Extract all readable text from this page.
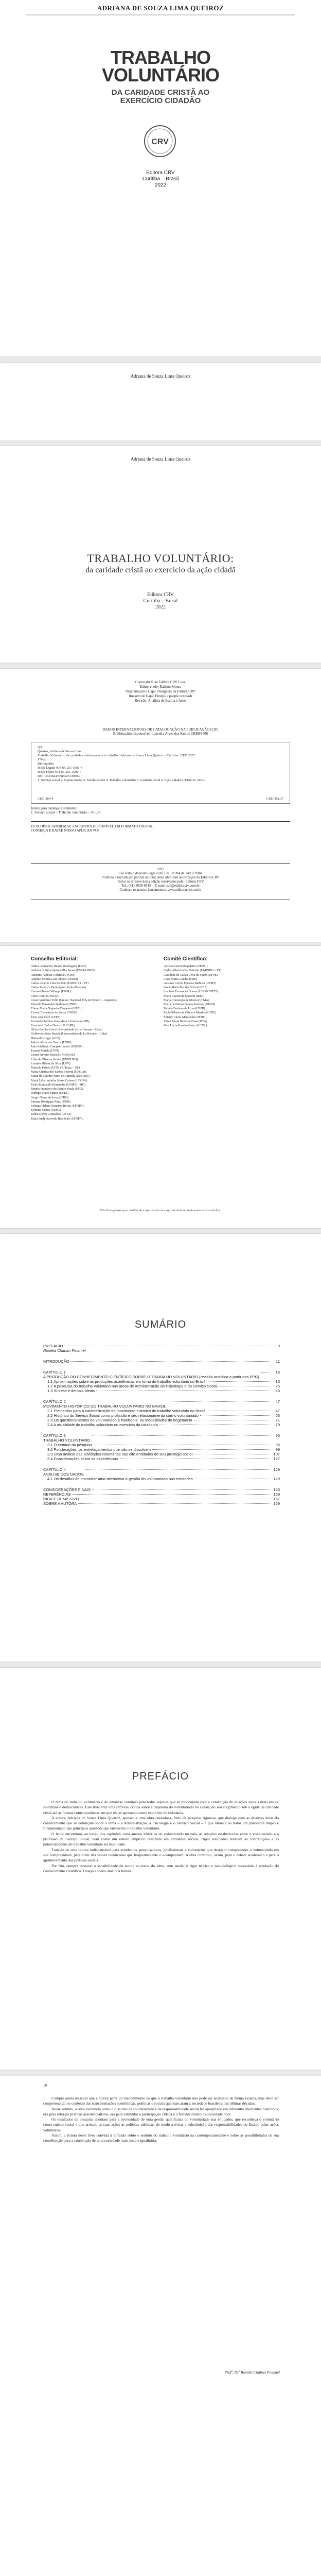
ADRIANA DE SOUZA LIMA QUEIROZ
TRABALHO
VOLUNTÁRIO
DA CARIDADE CRISTÃ AO
EXERCÍCIO CIDADÃO
CRV
Editora CRV
Curitiba – Brasil
2022
Adriana de Souza Lima Queiroz
Adriana de Souza Lima Queiroz
TRABALHO VOLUNTÁRIO:
da caridade cristã ao exercício da ação cidadã
Editora CRV
Curitiba – Brasil
2022
Copyright © da Editora CRV Ltda.
Editor-chefe: Railson Moura
Diagramação e Capa: Designers da Editora CRV
Imagem de Capa: Freepik / people unsplash
Revisão: Analista de Escrita e Artes
DADOS INTERNACIONAIS DE CATALOGAÇÃO NA PUBLICAÇÃO (CIP)
Bibliotecária responsável: Luzenira Alves dos Santos CRB9/1506
Q3t
Queiroz, Adriana de Souza Lima.
Trabalho Voluntário: da caridade cristã ao exercício cidadão / Adriana de Souza Lima Queiroz – Curitiba : CRV, 2022.
170 p.
Bibliografia
ISBN Digital 978-65-251-3091-4
ISBN Físico 978-65-251-3090-7
DOI 10.24824/978652513090.7
1. Serviço social 2. Sujeito Social 3. Solidariedade 4. Trabalho voluntário 5. Caridade cristã 6. Ação cidadã I. Título II. Série.
CDU 364-4	CDD 361.37
Índice para catálogo sistemático
1. Serviço social – Trabalho voluntário – 361.37
ESTA OBRA TAMBÉM SE ENCONTRA DISPONÍVEL EM FORMATO DIGITAL.
CONHEÇA E BAIXE NOSSO APLICATIVO!
2022
Foi feito o depósito legal conf. Lei 10.994 de 14/12/2004
Proibida a reprodução parcial ou total desta obra sem autorização da Editora CRV
Todos os direitos desta edição reservados pela: Editora CRV
Tel.: (41) 3039-6418 – E-mail: sac@editoracrv.com.br
Conheça os nossos lançamentos: www.editoracrv.com.br
Conselho Editorial:
Aldira Guimarães Duarte Domínguez (UNB)
Andréia da Silva Quintanilha Sousa (UNIR/UFRN)
Anselmo Alencar Colares (UFOPA)
Antônio Pereira Gaio Júnior (UFRRJ)
Carlos Alberto Vilar Estêvão (UMINHO – PT)
Carlos Federico Dominguez Avila (Unieuro)
Carmen Tereza Velanga (UNIR)
Celso Conti (UFSCar)
Cesar Gerônimo Tello (Univer. Nacional Três de Febrero – Argentina)
Eduardo Fernandes Barbosa (UFMG)
Elione Maria Nogueira Diogenes (UFAL)
Elizeu Clementino de Souza (UNEB)
Élsio José Corá (UFFS)
Fernando Antônio Gonçalves Alcoforado (IPB)
Francisco Carlos Duarte (PUC-PR)
Gloria Fariñas León (Universidade de La Havana – Cuba)
Guillermo Arias Beatón (Universidade de La Havana – Cuba)
Helmuth Krüger (UCP)
Jailson Alves dos Santos (UFRJ)
João Adalberto Campato Junior (UNESP)
Josania Portela (UFPI)
Leonel Severo Rocha (UNISINOS)
Lídia de Oliveira Xavier (UNIEURO)
Lourdes Helena da Silva (UFV)
Marcelo Paixão (UFRJ e UTexas – US)
Maria Cristina dos Santos Bezerra (UFSCar)
Maria de Lourdes Pinto de Almeida (UNOESC)
Maria Lília Imbiriba Sousa Colares (UFOPA)
Paulo Romualdo Hernandes (UNIFAL-MG)
Renato Francisco dos Santos Paula (UFG)
Rodrigo Pratte-Santos (UFES)
Sérgio Nunes de Jesus (IFRO)
Simone Rodrigues Pinto (UNB)
Solange Helena Ximenes-Rocha (UFOPA)
Sydione Santos (UEPG)
Tadeu Oliver Gonçalves (UFPA)
Tania Suely Azevedo Brasileiro (UFOPA)
Comitê Científico:
Adriana Guzzi Magalhães (UFMG)
Carlos Alberto Vilar Estêvão (UMINHO – PT)
Cassilene de Cássia Lívia de Souza (UFPE)
Clara Maria Guedes (CBS)
Gustavo Corrêa Fonseca Barbosa (UFMT)
Ivone Maria Mendes Silva (UECE)
Lucilene Fernandes Gomes (UNIMONTES)
Maria Aparecida Scatolin (IESF)
Maria Conceição de Moura (UFMA)
Maria de Fátima Gomes Pedrosa (UFRN)
Pâmela Barbosa de Lima (UFPB)
Paulo Ribeiro de Oliveira Martins (UFPE)
Thierry Cíntra Marcondes (IFMG)
Vânia Maria Barbosa Viana (IFPA)
Vera Lúcia Ferreira Castro (UFPA)
Este livro passou por avaliação e aprovação às cegas de dois ou mais pareceristas ad hoc.
SUMÁRIO
PREFÁCIO	9
Rosélia Chaban Pinamel
INTRODUÇÃO	11
CAPÍTULO 1
A PRODUÇÃO DO CONHECIMENTO CIENTÍFICO SOBRE O TRABALHO VOLUNTÁRIO (revisão analítica a partir dos PPG)
15
1.1 Aproximações sobre as produções acadêmicas em torno do trabalho voluntário no Brasil	15
1.2 A pesquisa do trabalho voluntário nas áreas de Administração da Psicologia e do Serviço Social	25
1.3 Síntese e demais ideias	43
CAPÍTULO 2
MOVIMENTO HISTÓRICO DO TRABALHO VOLUNTÁRIO NO BRASIL
47
2.1 Elementos para a caracterização do movimento histórico do trabalho voluntário no Brasil	47
2.2 Histórico do Serviço Social como profissão e seu relacionamento com o voluntariado	63
2.3 Os questionamentos do voluntariado à filantropia: as modalidades de hegemonia	71
2.4 A atualidade do trabalho voluntário no exercício da cidadania	79
CAPÍTULO 3
TRABALHO VOLUNTÁRIO
95
3.1 O cenário da pesquisa	95
3.2 Ponderações: os entrelaçamentos que não se dissolvem	99
3.3 Uma análise das atividades voluntárias nas oito entidades do seu prestígio social	107
3.4 Considerações sobre as experiências	127
CAPÍTULO 4
ANÁLISE DOS DADOS
129
4.1 Os desafios de encontrar uma alternativa à gestão do voluntariado nas entidades	129
CONSIDERAÇÕES FINAIS	153
REFERÊNCIAS	159
ÍNDICE REMISSIVO	167
SOBRE A AUTORA	169
PREFÁCIO

O tema do trabalho voluntário é de interesse contínuo para todos aqueles que se preocupam com a construção de relações sociais mais justas, solidárias e democráticas. Este livro traz uma reflexão crítica sobre a trajetória do voluntariado no Brasil, do seu surgimento sob a égide da caridade cristã até as formas contemporâneas em que ele se apresenta como exercício de cidadania.

A autora, Adriana de Souza Lima Queiroz, apresenta uma obra cuidadosa, fruto de pesquisa rigorosa, que dialoga com as diversas áreas do conhecimento que se debruçam sobre o tema – a Administração, a Psicologia e o Serviço Social – e que oferece ao leitor um panorama amplo e fundamentado das principais questões que envolvem o trabalho voluntário.

O leitor encontrará, ao longo dos capítulos, uma análise histórica do voluntariado no país, as relações estabelecidas entre o voluntariado e a profissão de Serviço Social, bem como um estudo empírico realizado em entidades sociais, cujos resultados revelam as contradições e as potencialidades do trabalho voluntário na atualidade.

Trata-se de uma leitura indispensável para estudantes, pesquisadores, profissionais e voluntários que desejam compreender o voluntariado em sua complexidade, para além das visões idealizadas que frequentemente o acompanham. A obra contribui, assim, para o debate acadêmico e para o aprimoramento das práticas sociais.

Por fim, cumpre destacar a sensibilidade da autora ao tratar do tema, sem perder o rigor teórico e metodológico necessário à produção do conhecimento científico. Desejo a todos uma boa leitura.

10

Cumpre ainda ressaltar que a autora parte do entendimento de que o trabalho voluntário não pode ser analisado de forma isolada, mas deve ser compreendido no contexto das transformações econômicas, políticas e sociais que marcaram a sociedade brasileira nas últimas décadas.

Nesse sentido, a obra evidencia como o discurso da solidariedade e da responsabilidade social foi apropriado em diferentes momentos históricos, ora para reforçar práticas assistencialistas, ora para estimular a participação cidadã e o fortalecimento da sociedade civil.

Os resultados da pesquisa apontam para a necessidade de uma gestão qualificada do voluntariado nas entidades, que reconheça o voluntário como sujeito social e que articule as suas ações às políticas públicas, de modo a evitar a substituição das responsabilidades do Estado pelas ações voluntárias.

Assim, a leitura deste livro convida à reflexão sobre o sentido do trabalho voluntário na contemporaneidade e sobre as possibilidades de sua contribuição para a construção de uma sociedade mais justa e igualitária.

Profª. Drª Rosélia Chaban Pinamel
